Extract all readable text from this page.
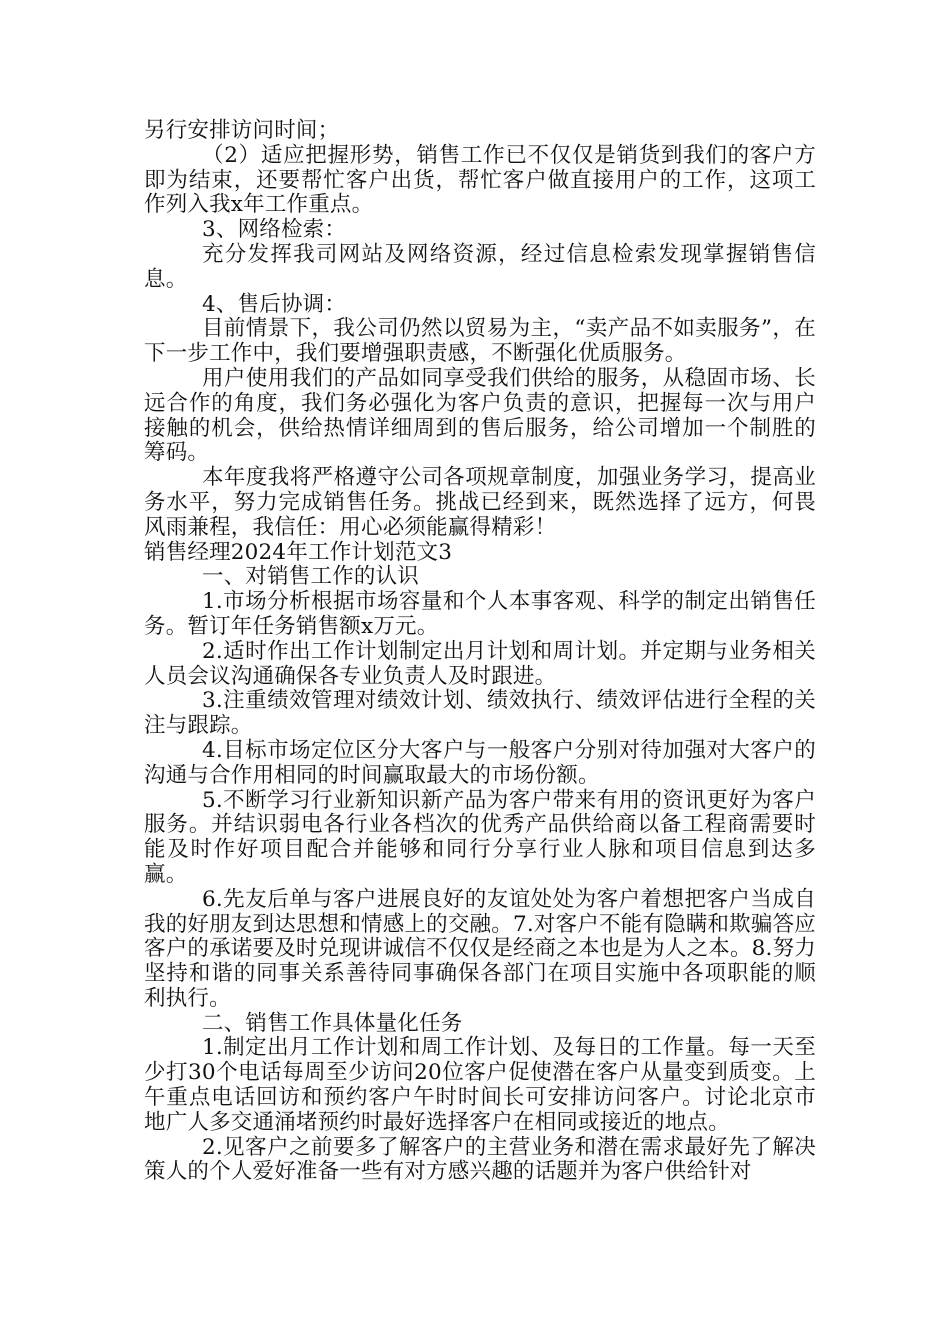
另行安排访问时间；

（2）适应把握形势，销售工作已不仅仅是销货到我们的客户方即为结束，还要帮忙客户出货，帮忙客户做直接用户的工作，这项工作列入我x年工作重点。

3、网络检索：

充分发挥我司网站及网络资源，经过信息检索发现掌握销售信息。

4、售后协调：

目前情景下，我公司仍然以贸易为主，“卖产品不如卖服务”，在下一步工作中，我们要增强职责感，不断强化优质服务。

用户使用我们的产品如同享受我们供给的服务，从稳固市场、长远合作的角度，我们务必强化为客户负责的意识，把握每一次与用户接触的机会，供给热情详细周到的售后服务，给公司增加一个制胜的筹码。

本年度我将严格遵守公司各项规章制度，加强业务学习，提高业务水平，努力完成销售任务。挑战已经到来，既然选择了远方，何畏风雨兼程，我信任：用心必须能赢得精彩！

销售经理2024年工作计划范文3

一、对销售工作的认识

1.市场分析根据市场容量和个人本事客观、科学的制定出销售任务。暂订年任务销售额x万元。

2.适时作出工作计划制定出月计划和周计划。并定期与业务相关人员会议沟通确保各专业负责人及时跟进。

3.注重绩效管理对绩效计划、绩效执行、绩效评估进行全程的关注与跟踪。

4.目标市场定位区分大客户与一般客户分别对待加强对大客户的沟通与合作用相同的时间赢取最大的市场份额。

5.不断学习行业新知识新产品为客户带来有用的资讯更好为客户服务。并结识弱电各行业各档次的优秀产品供给商以备工程商需要时能及时作好项目配合并能够和同行分享行业人脉和项目信息到达多赢。

6.先友后单与客户进展良好的友谊处处为客户着想把客户当成自我的好朋友到达思想和情感上的交融。7.对客户不能有隐瞒和欺骗答应客户的承诺要及时兑现讲诚信不仅仅是经商之本也是为人之本。8.努力坚持和谐的同事关系善待同事确保各部门在项目实施中各项职能的顺利执行。

二、销售工作具体量化任务

1.制定出月工作计划和周工作计划、及每日的工作量。每一天至少打30个电话每周至少访问20位客户促使潜在客户从量变到质变。上午重点电话回访和预约客户午时时间长可安排访问客户。讨论北京市地广人多交通涌堵预约时最好选择客户在相同或接近的地点。

2.见客户之前要多了解客户的主营业务和潜在需求最好先了解决策人的个人爱好准备一些有对方感兴趣的话题并为客户供给针对
